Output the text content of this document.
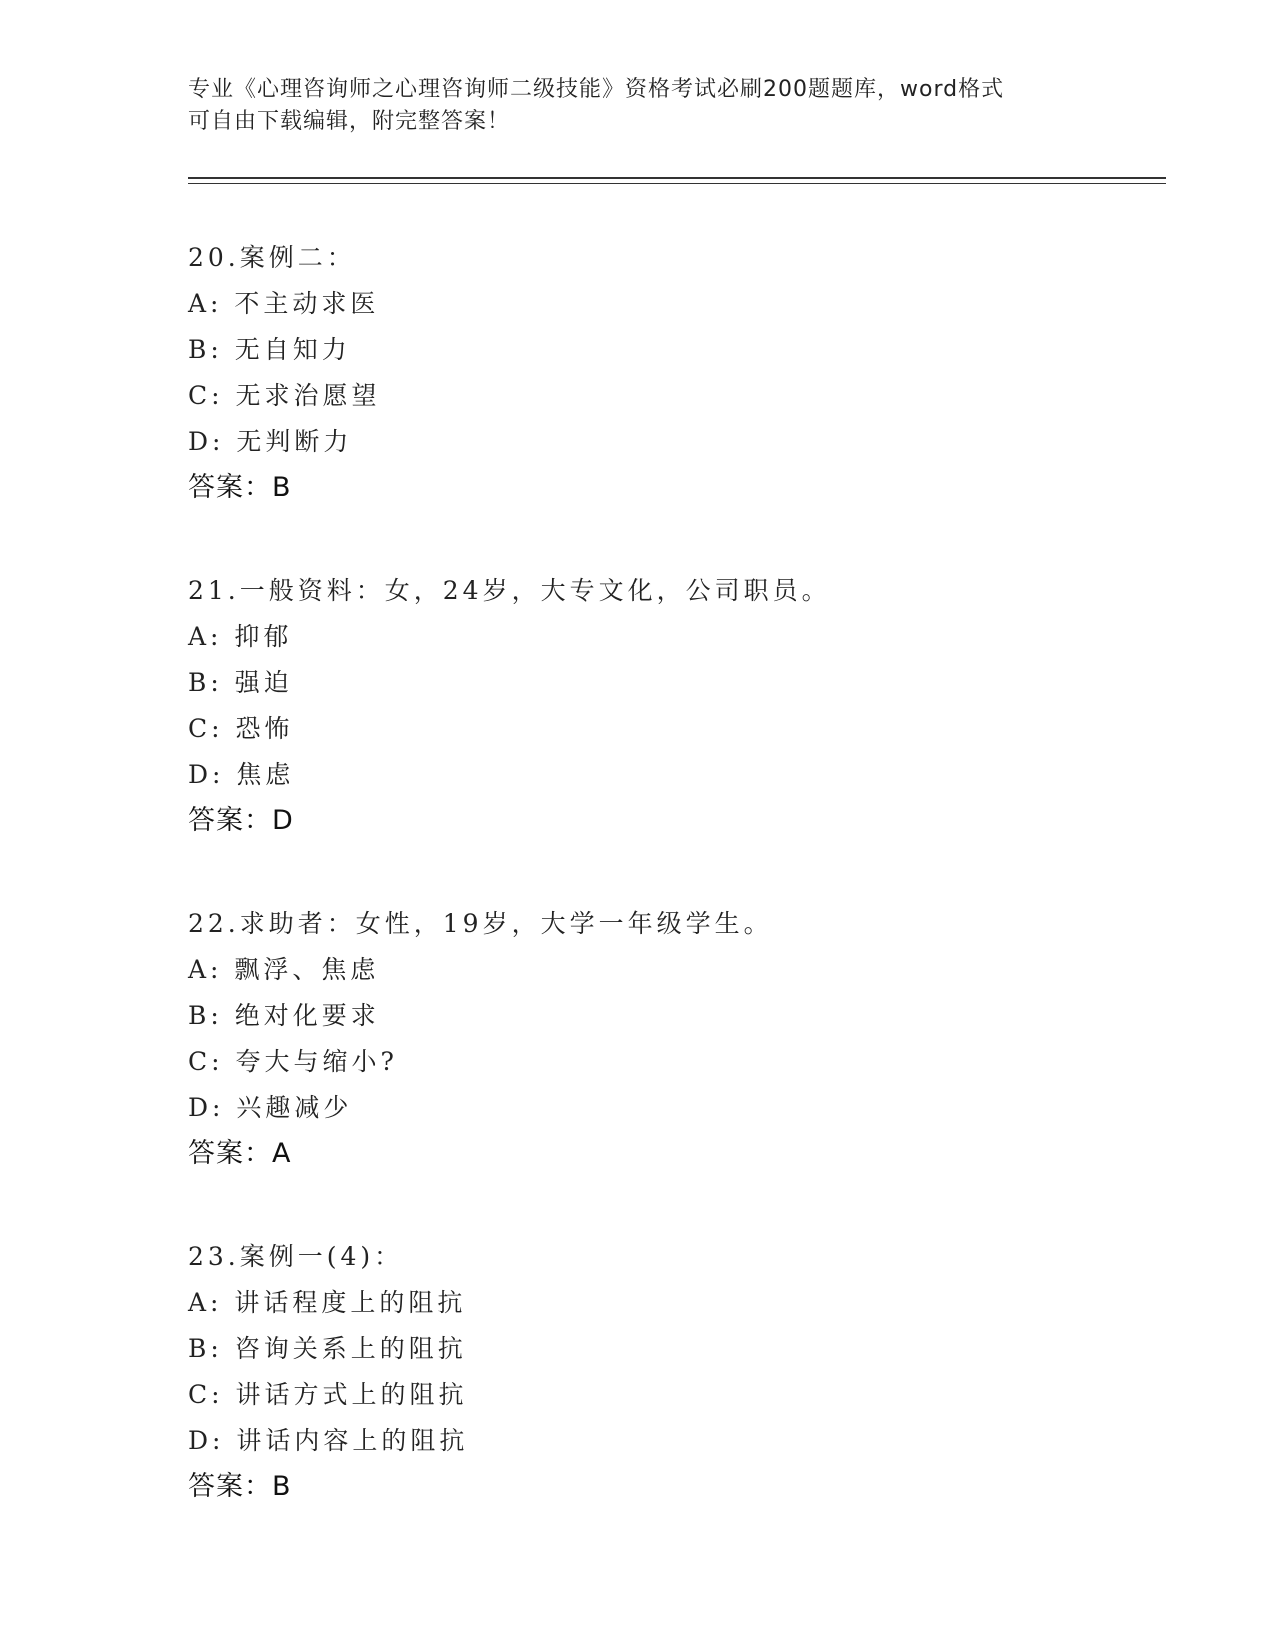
专业《心理咨询师之心理咨询师二级技能》资格考试必刷200题题库，word格式
可自由下载编辑，附完整答案！
20.案例二：
A: 不主动求医
B: 无自知力
C: 无求治愿望
D: 无判断力
答案：B
21.一般资料：女，24岁，大专文化，公司职员。
A: 抑郁
B: 强迫
C: 恐怖
D: 焦虑
答案：D
22.求助者：女性，19岁，大学一年级学生。
A: 飘浮、焦虑
B: 绝对化要求
C: 夸大与缩小?
D: 兴趣减少
答案：A
23.案例一(4)：
A: 讲话程度上的阻抗
B: 咨询关系上的阻抗
C: 讲话方式上的阻抗
D: 讲话内容上的阻抗
答案：B
